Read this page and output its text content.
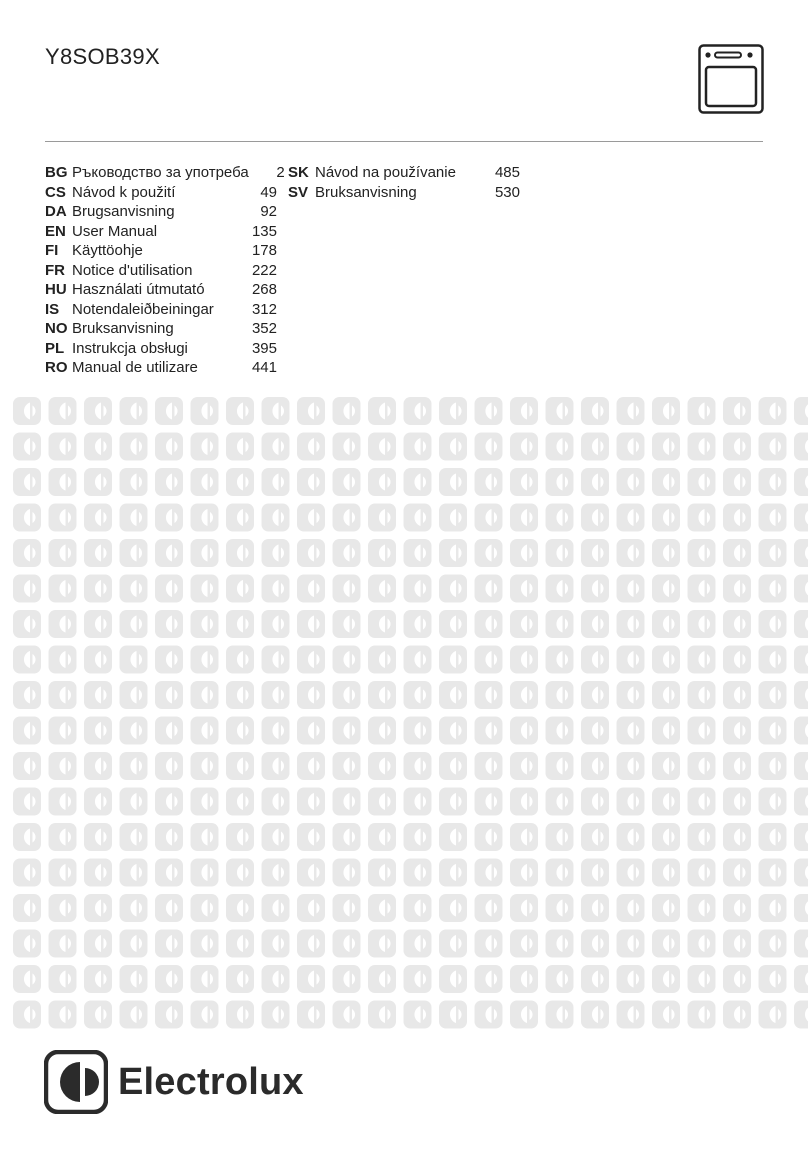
Y8SOB39X
BG Ръководство за употреба	2
CS Návod k použití	49
DA Brugsanvisning	92
EN User Manual	135
FI Käyttöohje	178
FR Notice d'utilisation	222
HU Használati útmutató	268
IS Notendaleiðbeiningar	312
NO Bruksanvisning	352
PL Instrukcja obsługi	395
RO Manual de utilizare	441
SK Návod na používanie	485
SV Bruksanvisning	530
Electrolux
